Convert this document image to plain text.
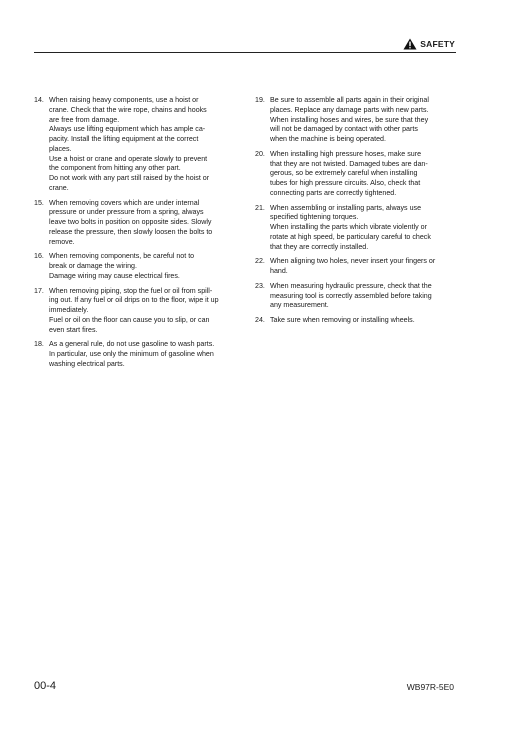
SAFETY
14. When raising heavy components, use a hoist or
crane. Check that the wire rope, chains and hooks
are free from damage.
Always use lifting equipment which has ample ca-
pacity. Install the lifting equipment at the correct
places.
Use a hoist or crane and operate slowly to prevent
the component from hitting any other part.
Do not work with any part still raised by the hoist or
crane.
15. When removing covers which are under internal
pressure or under pressure from a spring, always
leave two bolts in position on opposite sides. Slowly
release the pressure, then slowly loosen the bolts to
remove.
16. When removing components, be careful not to
break or damage the wiring.
Damage wiring may cause electrical fires.
17. When removing piping, stop the fuel or oil from spill-
ing out. If any fuel or oil drips on to the floor, wipe it up
immediately.
Fuel or oil on the floor can cause you to slip, or can
even start fires.
18. As a general rule, do not use gasoline to wash parts.
In particular, use only the minimum of gasoline when
washing electrical parts.
19. Be sure to assemble all parts again in their original
places. Replace any damage parts with new parts.
When installing hoses and wires, be sure that they
will not be damaged by contact with other parts
when the machine is being operated.
20. When installing high pressure hoses, make sure
that they are not twisted. Damaged tubes are dan-
gerous, so be extremely careful when installing
tubes for high pressure circuits. Also, check that
connecting parts are correctly tightened.
21. When assembling or installing parts, always use
specified tightening torques.
When installing the parts which vibrate violently or
rotate at high speed, be particulary careful to check
that they are correctly installed.
22. When aligning two holes, never insert your fingers or
hand.
23. When measuring hydraulic pressure, check that the
measuring tool is correctly assembled before taking
any measurement.
24. Take sure when removing or installing wheels.
00-4	WB97R-5E0
